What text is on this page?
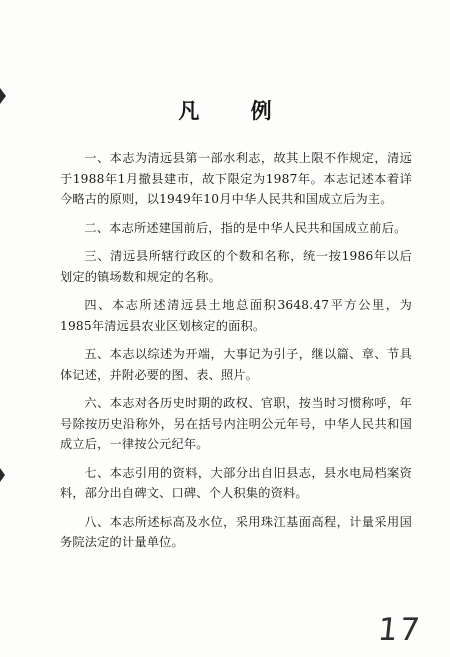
凡 例

一、本志为清远县第一部水利志，故其上限不作规定，清远于1988年1月撤县建市，故下限定为1987年。本志记述本着详今略古的原则，以1949年10月中华人民共和国成立后为主。

二、本志所述建国前后，指的是中华人民共和国成立前后。

三、清远县所辖行政区的个数和名称，统一按1986年以后划定的镇场数和规定的名称。

四、本志所述清远县土地总面积3648.47平方公里，为1985年清远县农业区划核定的面积。

五、本志以综述为开端，大事记为引子，继以篇、章、节具体记述，并附必要的图、表、照片。

六、本志对各历史时期的政权、官职，按当时习惯称呼，年号除按历史沿称外，另在括号内注明公元年号，中华人民共和国成立后，一律按公元纪年。

七、本志引用的资料，大部分出自旧县志，县水电局档案资料，部分出自碑文、口碑、个人积集的资料。

八、本志所述标高及水位，采用珠江基面高程，计量采用国务院法定的计量单位。

17
